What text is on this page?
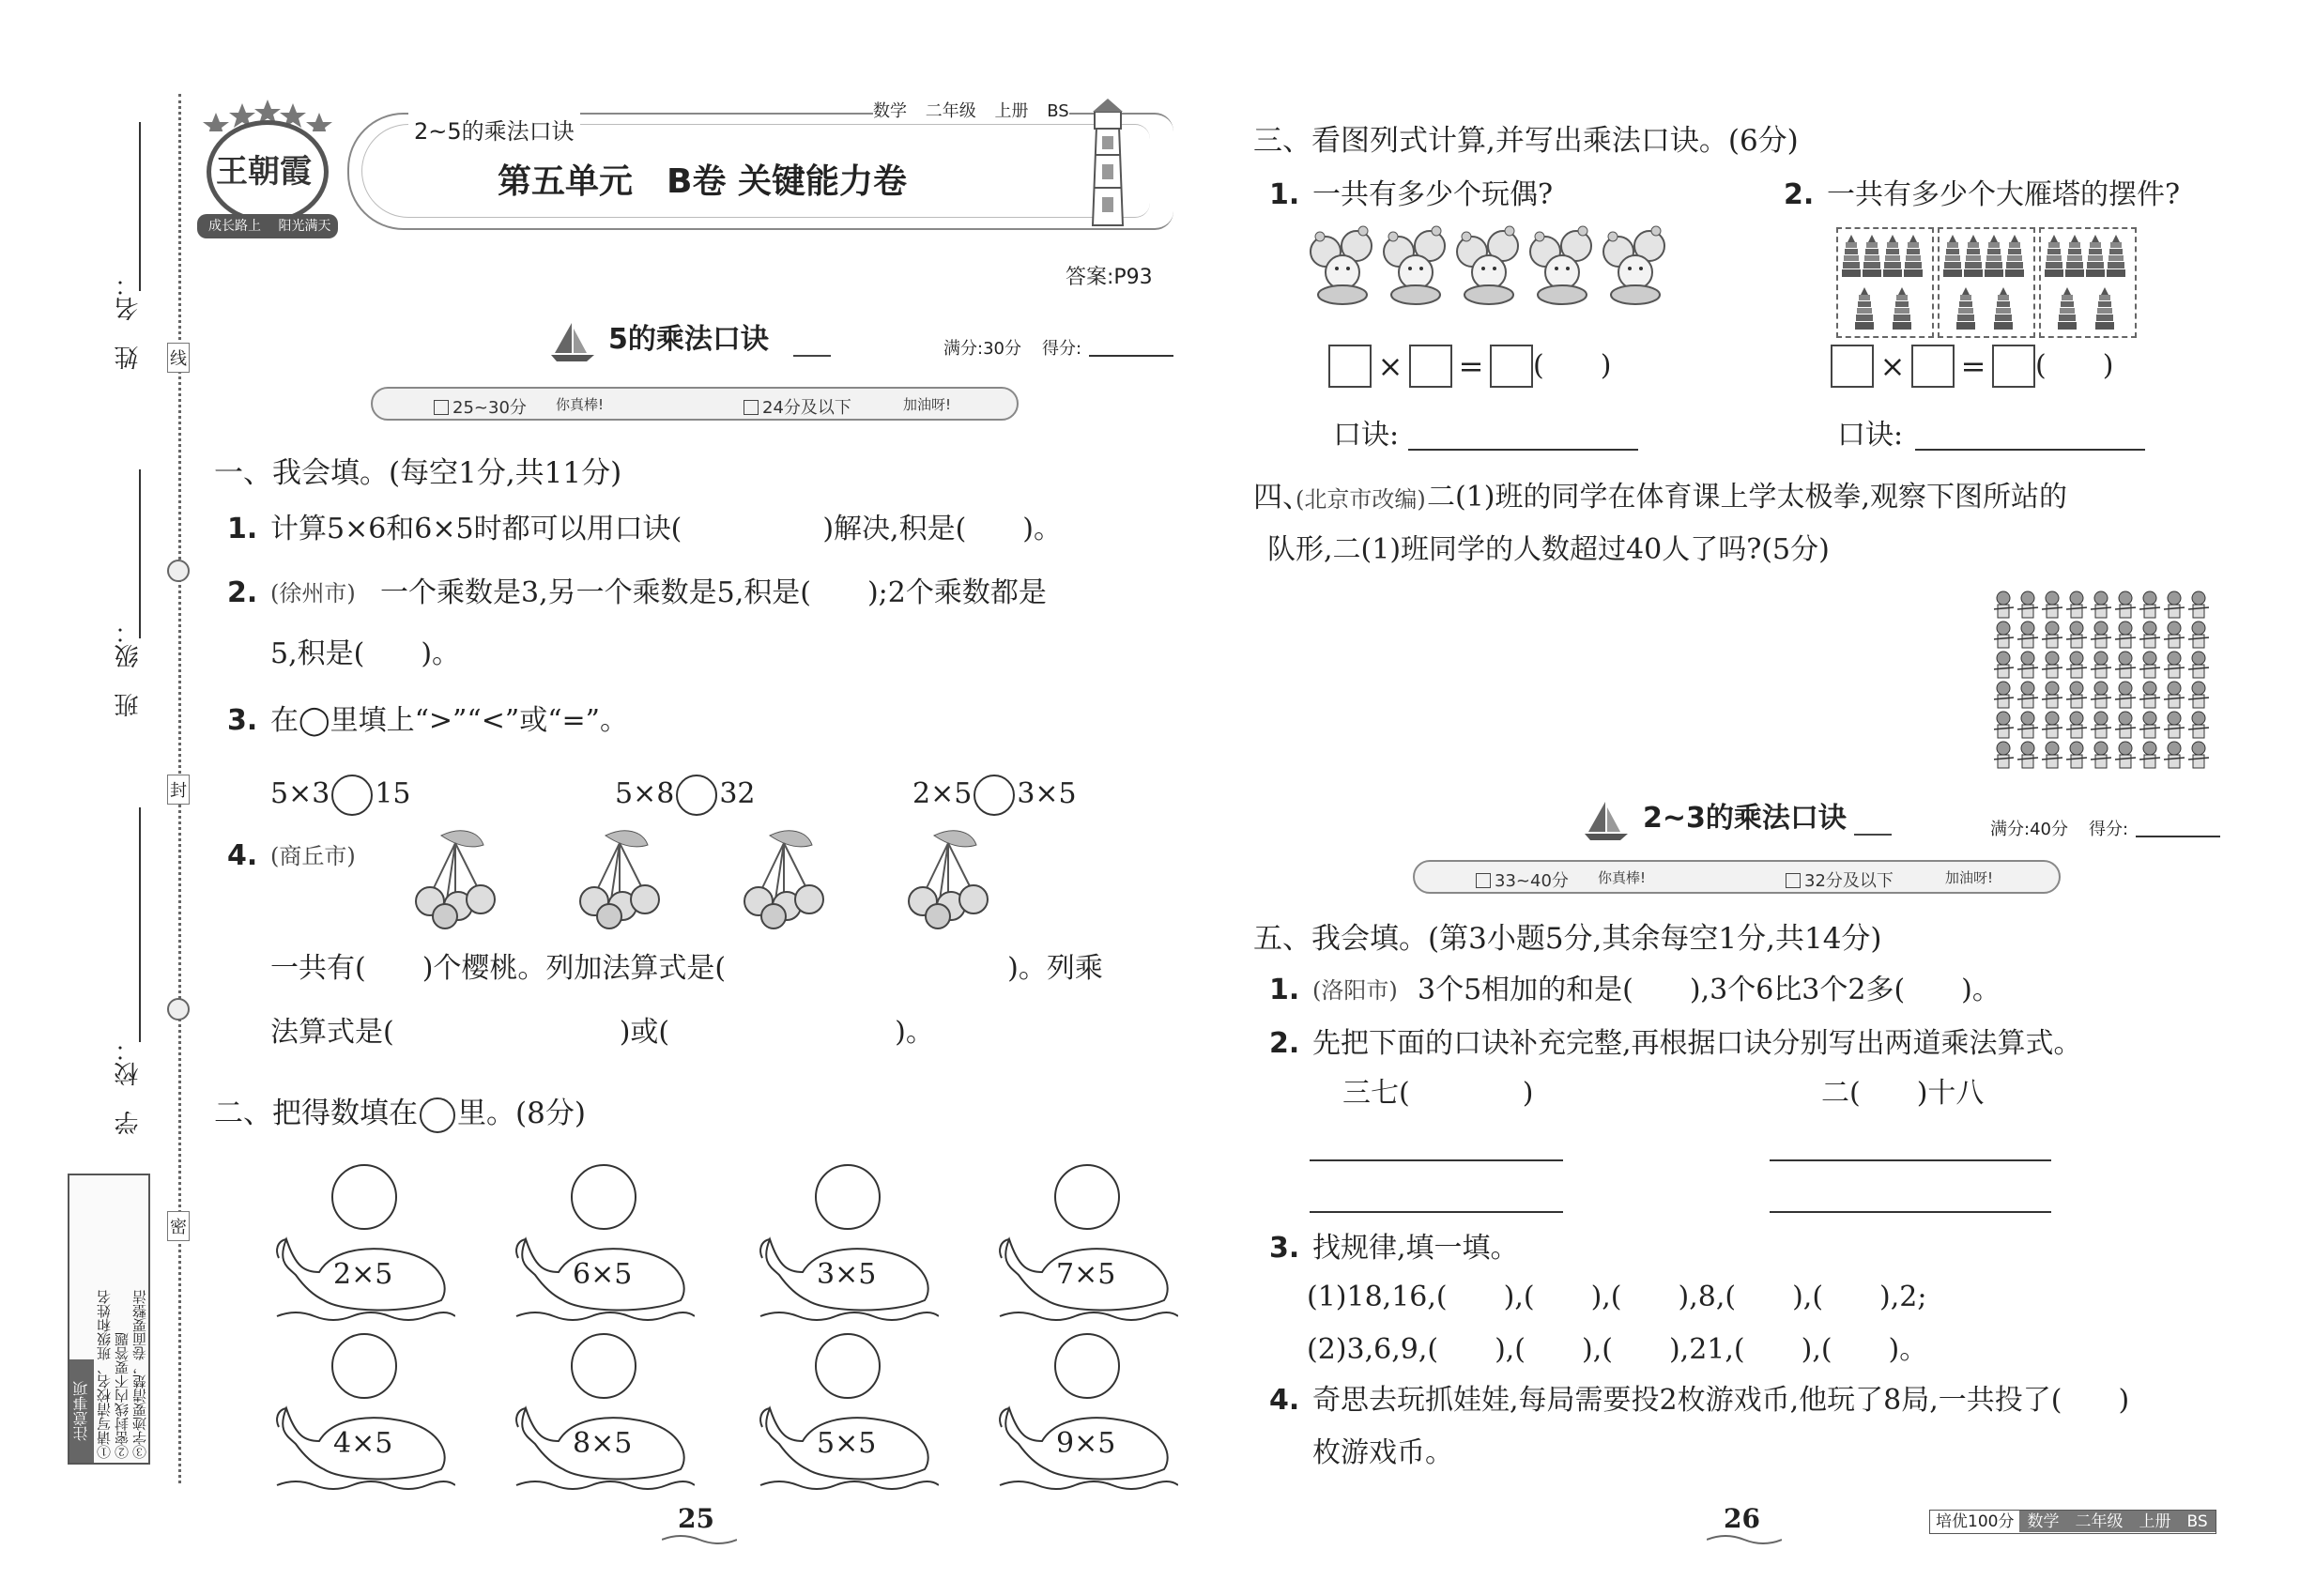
线
封
密
姓　名：
班　级：
学　校：
注意事项 ①请写清校名、班级和姓名 ②密封线内不要答题 ③字迹要清楚，卷面要整洁
王朝霞
成长路上 阳光满天
2~5的乘法口诀
数学 二年级 上册 BS
第五单元　B卷 关键能力卷
答案:P93
5的乘法口诀	满分:30分 得分:
25~30分 你真棒!	24分及以下	加油呀!
一、我会填。(每空1分,共11分)
1. 计算5×6和6×5时都可以用口诀(　　　　　)解决,积是(　　)。
2. (徐州市) 一个乘数是3,另一个乘数是5,积是(　　);2个乘数都是
5,积是(　　)。
3. 在◯里填上“>”“<”或“=”。
5×3 15	5×8 32	2×5 3×5
4. (商丘市)
一共有(　　)个樱桃。列加法算式是(　　　　　　　　　　)。列乘
法算式是(　　　　　　　　)或(　　　　　　　　)。
二、把得数填在 里。(8分)
2×5	6×5	3×5	7×5
4×5	8×5	5×5	9×5
三、看图列式计算,并写出乘法口诀。(6分)
1. 一共有多少个玩偶?	2. 一共有多少个大雁塔的摆件?
× = (　　)	× = (　　)
口诀:	口诀:
四、
(北京市改编) 二(1)班的同学在体育课上学太极拳,观察下图所站的
队形,二(1)班同学的人数超过40人了吗?(5分)
2~3的乘法口诀	满分:40分 得分:
33~40分 你真棒!	32分及以下	加油呀!
五、我会填。(第3小题5分,其余每空1分,共14分)
1. (洛阳市) 3个5相加的和是(　　),3个6比3个2多(　　)。
2. 先把下面的口诀补充完整,再根据口诀分别写出两道乘法算式。
三七(　　　　)	二(　　)十八
3. 找规律,填一填。
(1)18,16,(　　),(　　),(　　),8,(　　),(　　),2;
(2)3,6,9,(　　),(　　),(　　),21,(　　),(　　)。
4. 奇思去玩抓娃娃,每局需要投2枚游戏币,他玩了8局,一共投了(　　)
枚游戏币。
25	26	培优100分 数学　二年级　上册　BS
